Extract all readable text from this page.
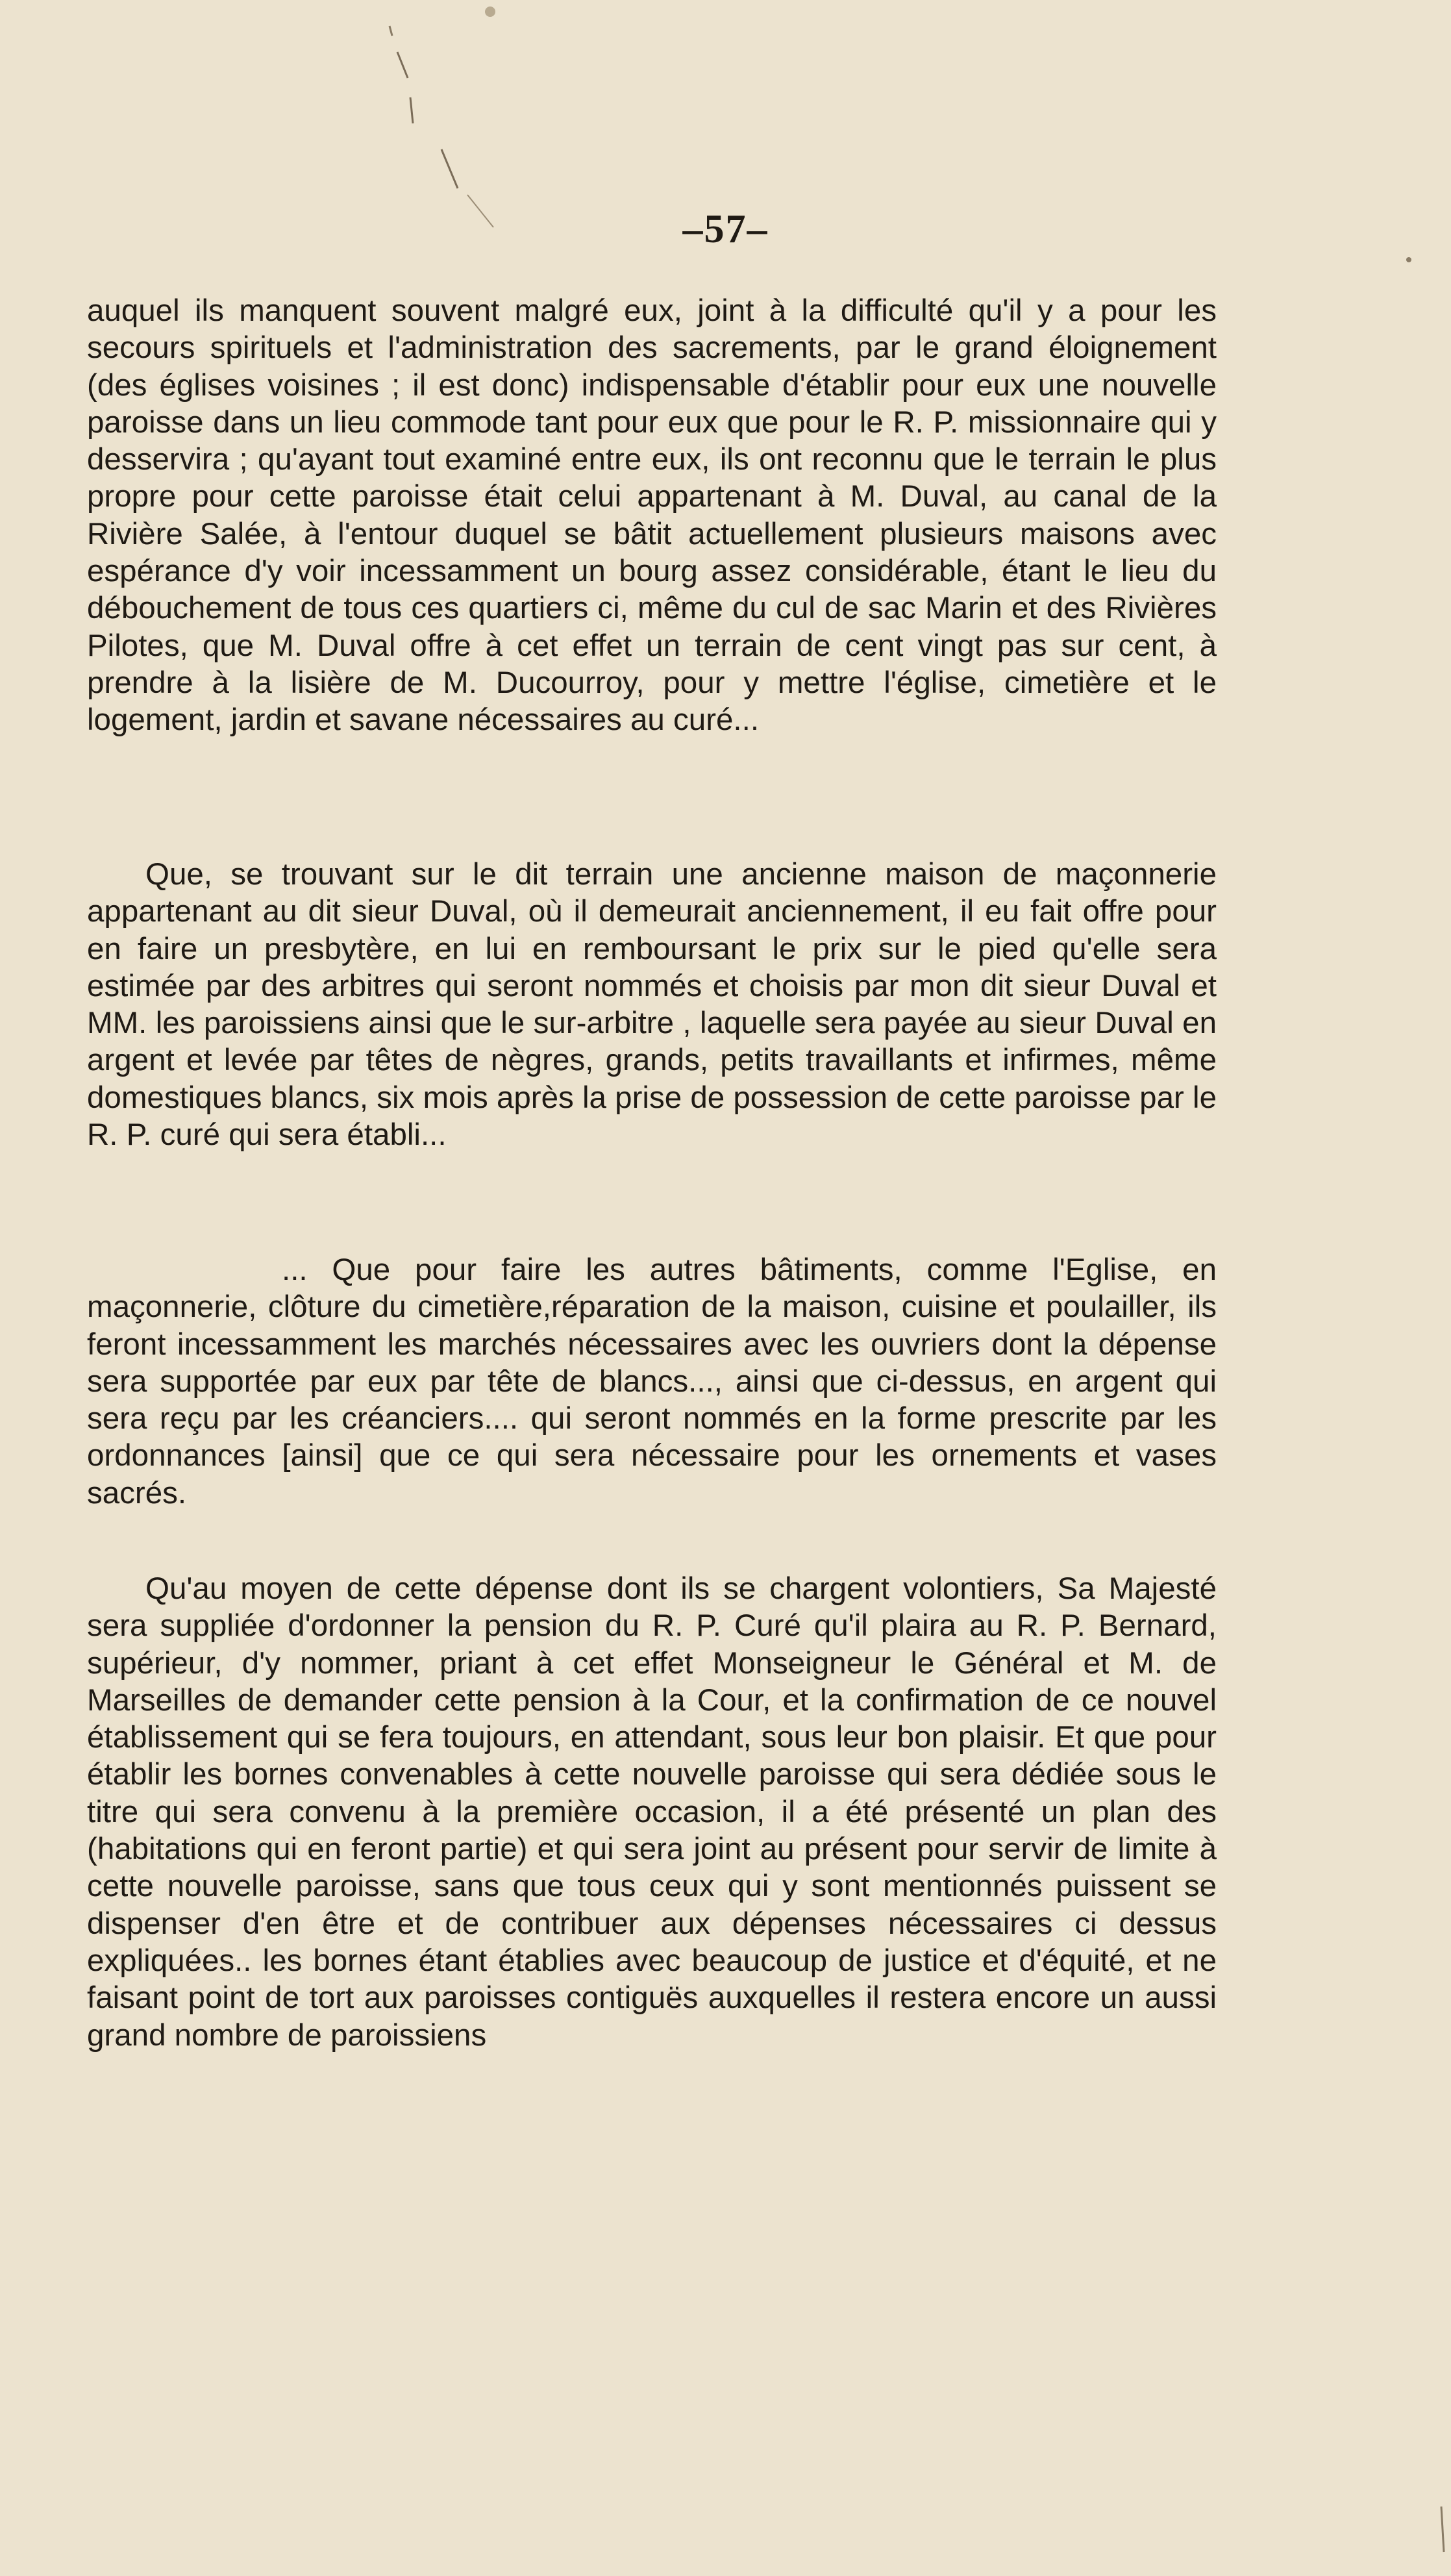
–57–

auquel ils manquent souvent malgré eux, joint à la difficulté qu'il y a pour les secours spirituels et l'administration des sacrements, par le grand éloignement (des églises voisines ; il est donc) indispensable d'établir pour eux une nouvelle paroisse dans un lieu commode tant pour eux que pour le R. P. missionnaire qui y desservira ; qu'ayant tout examiné entre eux, ils ont reconnu que le terrain le plus propre pour cette paroisse était celui appartenant à M. Duval, au canal de la Rivière Salée, à l'entour duquel se bâtit actuellement plusieurs maisons avec espérance d'y voir incessamment un bourg assez considérable, étant le lieu du débouchement de tous ces quartiers ci, même du cul de sac Marin et des Rivières Pilotes, que M. Duval offre à cet effet un terrain de cent vingt pas sur cent, à prendre à la lisière de M. Ducourroy, pour y mettre l'église, cimetière et le logement, jardin et savane nécessaires au curé...

Que, se trouvant sur le dit terrain une ancienne maison de maçonnerie appartenant au dit sieur Duval, où il demeurait anciennement, il eu fait offre pour en faire un presbytère, en lui en remboursant le prix sur le pied qu'elle sera estimée par des arbitres qui seront nommés et choisis par mon dit sieur Duval et MM. les paroissiens ainsi que le sur-arbitre , laquelle sera payée au sieur Duval en argent et levée par têtes de nègres, grands, petits travaillants et infirmes, même domestiques blancs, six mois après la prise de possession de cette paroisse par le R. P. curé qui sera établi...

... Que pour faire les autres bâtiments, comme l'Eglise, en maçonnerie, clôture du cimetière,réparation de la maison, cuisine et poulailler, ils feront incessamment les marchés nécessaires avec les ouvriers dont la dépense sera supportée par eux par tête de blancs..., ainsi que ci-dessus, en argent qui sera reçu par les créanciers.... qui seront nommés en la forme prescrite par les ordonnances [ainsi] que ce qui sera nécessaire pour les ornements et vases sacrés.

Qu'au moyen de cette dépense dont ils se chargent volontiers, Sa Majesté sera suppliée d'ordonner la pension du R. P. Curé qu'il plaira au R. P. Bernard, supérieur, d'y nommer, priant à cet effet Monseigneur le Général et M. de Marseilles de demander cette pension à la Cour, et la confirmation de ce nouvel établissement qui se fera toujours, en attendant, sous leur bon plaisir. Et que pour établir les bornes convenables à cette nouvelle paroisse qui sera dédiée sous le titre qui sera convenu à la première occasion, il a été présenté un plan des (habitations qui en feront partie) et qui sera joint au présent pour servir de limite à cette nouvelle paroisse, sans que tous ceux qui y sont mentionnés puissent se dispenser d'en être et de contribuer aux dépenses nécessaires ci dessus expliquées.. les bornes étant établies avec beaucoup de justice et d'équité, et ne faisant point de tort aux paroisses contiguës auxquelles il restera encore un aussi grand nombre de paroissiens
